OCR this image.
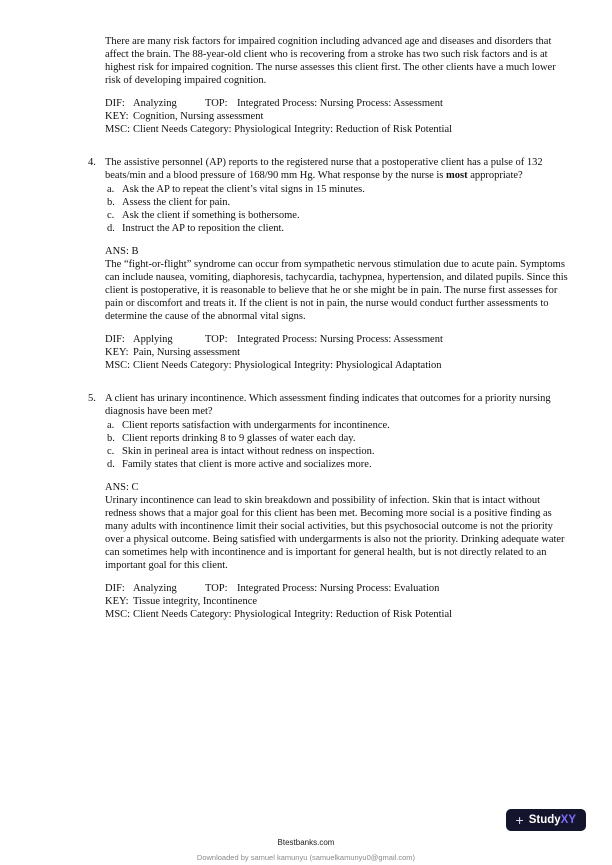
There are many risk factors for impaired cognition including advanced age and diseases and disorders that affect the brain. The 88-year-old client who is recovering from a stroke has two such risk factors and is at highest risk for impaired cognition. The nurse assesses this client first. The other clients have a much lower risk of developing impaired cognition.

DIF: Analyzing	TOP: Integrated Process: Nursing Process: Assessment
KEY: Cognition, Nursing assessment
MSC: Client Needs Category: Physiological Integrity: Reduction of Risk Potential
4. The assistive personnel (AP) reports to the registered nurse that a postoperative client has a pulse of 132 beats/min and a blood pressure of 168/90 mm Hg. What response by the nurse is most appropriate?
a. Ask the AP to repeat the client’s vital signs in 15 minutes.
b. Assess the client for pain.
c. Ask the client if something is bothersome.
d. Instruct the AP to reposition the client.
ANS: B

The “fight-or-flight” syndrome can occur from sympathetic nervous stimulation due to acute pain. Symptoms can include nausea, vomiting, diaphoresis, tachycardia, tachypnea, hypertension, and dilated pupils. Since this client is postoperative, it is reasonable to believe that he or she might be in pain. The nurse first assesses for pain or discomfort and treats it. If the client is not in pain, the nurse would conduct further assessments to determine the cause of the abnormal vital signs.

DIF: Applying	TOP: Integrated Process: Nursing Process: Assessment
KEY: Pain, Nursing assessment
MSC: Client Needs Category: Physiological Integrity: Physiological Adaptation
5. A client has urinary incontinence. Which assessment finding indicates that outcomes for a priority nursing diagnosis have been met?
a. Client reports satisfaction with undergarments for incontinence.
b. Client reports drinking 8 to 9 glasses of water each day.
c. Skin in perineal area is intact without redness on inspection.
d. Family states that client is more active and socializes more.
ANS: C

Urinary incontinence can lead to skin breakdown and possibility of infection. Skin that is intact without redness shows that a major goal for this client has been met. Becoming more social is a positive finding as many adults with incontinence limit their social activities, but this psychosocial outcome is not the priority over a physical outcome. Being satisfied with undergarments is also not the priority. Drinking adequate water can sometimes help with incontinence and is important for general health, but is not directly related to an important goal for this client.

DIF: Analyzing	TOP: Integrated Process: Nursing Process: Evaluation
KEY: Tissue integrity, Incontinence
MSC: Client Needs Category: Physiological Integrity: Reduction of Risk Potential
+ Study XY
Btestbanks.com
Downloaded by samuel kamunyu (samuelkamunyu0@gmail.com)
